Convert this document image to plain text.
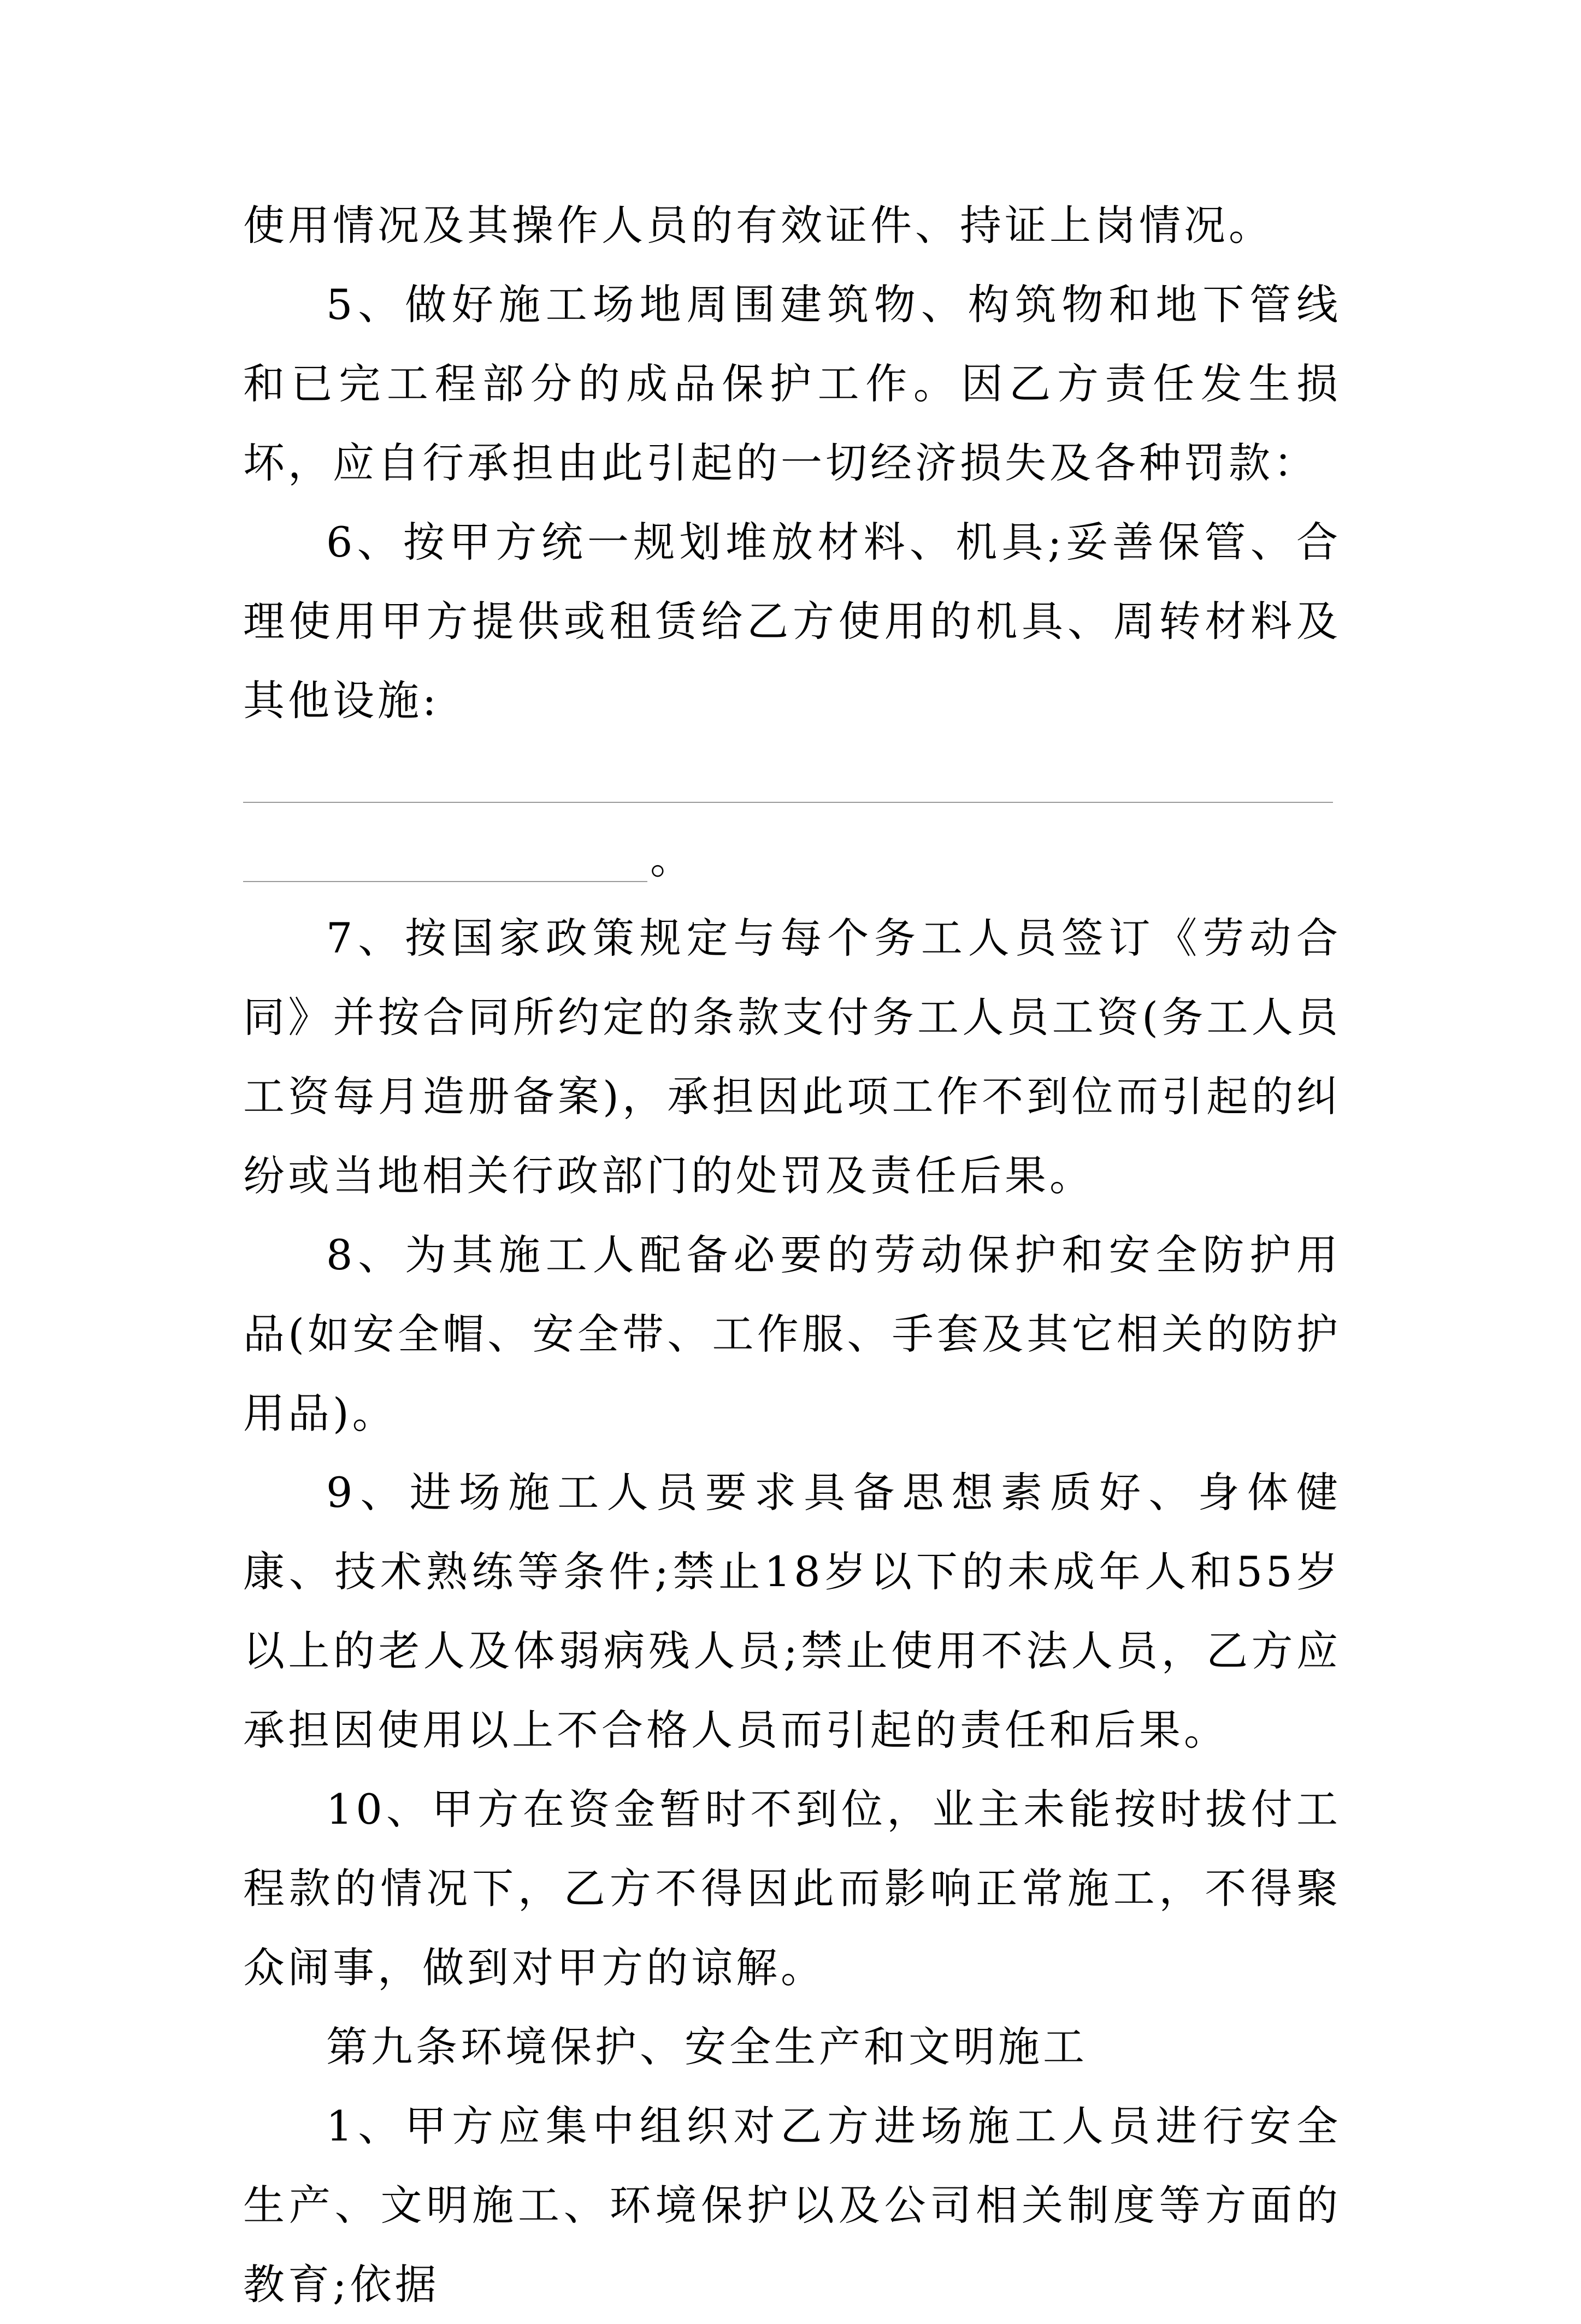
使用情况及其操作人员的有效证件、持证上岗情况。

5、做好施工场地周围建筑物、构筑物和地下管线和已完工程部分的成品保护工作。因乙方责任发生损坏，应自行承担由此引起的一切经济损失及各种罚款：

6、按甲方统一规划堆放材料、机具;妥善保管、合理使用甲方提供或租赁给乙方使用的机具、周转材料及其他设施:

。

7、按国家政策规定与每个务工人员签订《劳动合同》并按合同所约定的条款支付务工人员工资(务工人员工资每月造册备案)，承担因此项工作不到位而引起的纠纷或当地相关行政部门的处罚及责任后果。

8、为其施工人配备必要的劳动保护和安全防护用品(如安全帽、安全带、工作服、手套及其它相关的防护用品)。

9、进场施工人员要求具备思想素质好、身体健康、技术熟练等条件;禁止18岁以下的未成年人和55岁以上的老人及体弱病残人员;禁止使用不法人员，乙方应承担因使用以上不合格人员而引起的责任和后果。

10、甲方在资金暂时不到位，业主未能按时拔付工程款的情况下，乙方不得因此而影响正常施工，不得聚众闹事，做到对甲方的谅解。

第九条环境保护、安全生产和文明施工

1、甲方应集中组织对乙方进场施工人员进行安全生产、文明施工、环境保护以及公司相关制度等方面的教育;依据
